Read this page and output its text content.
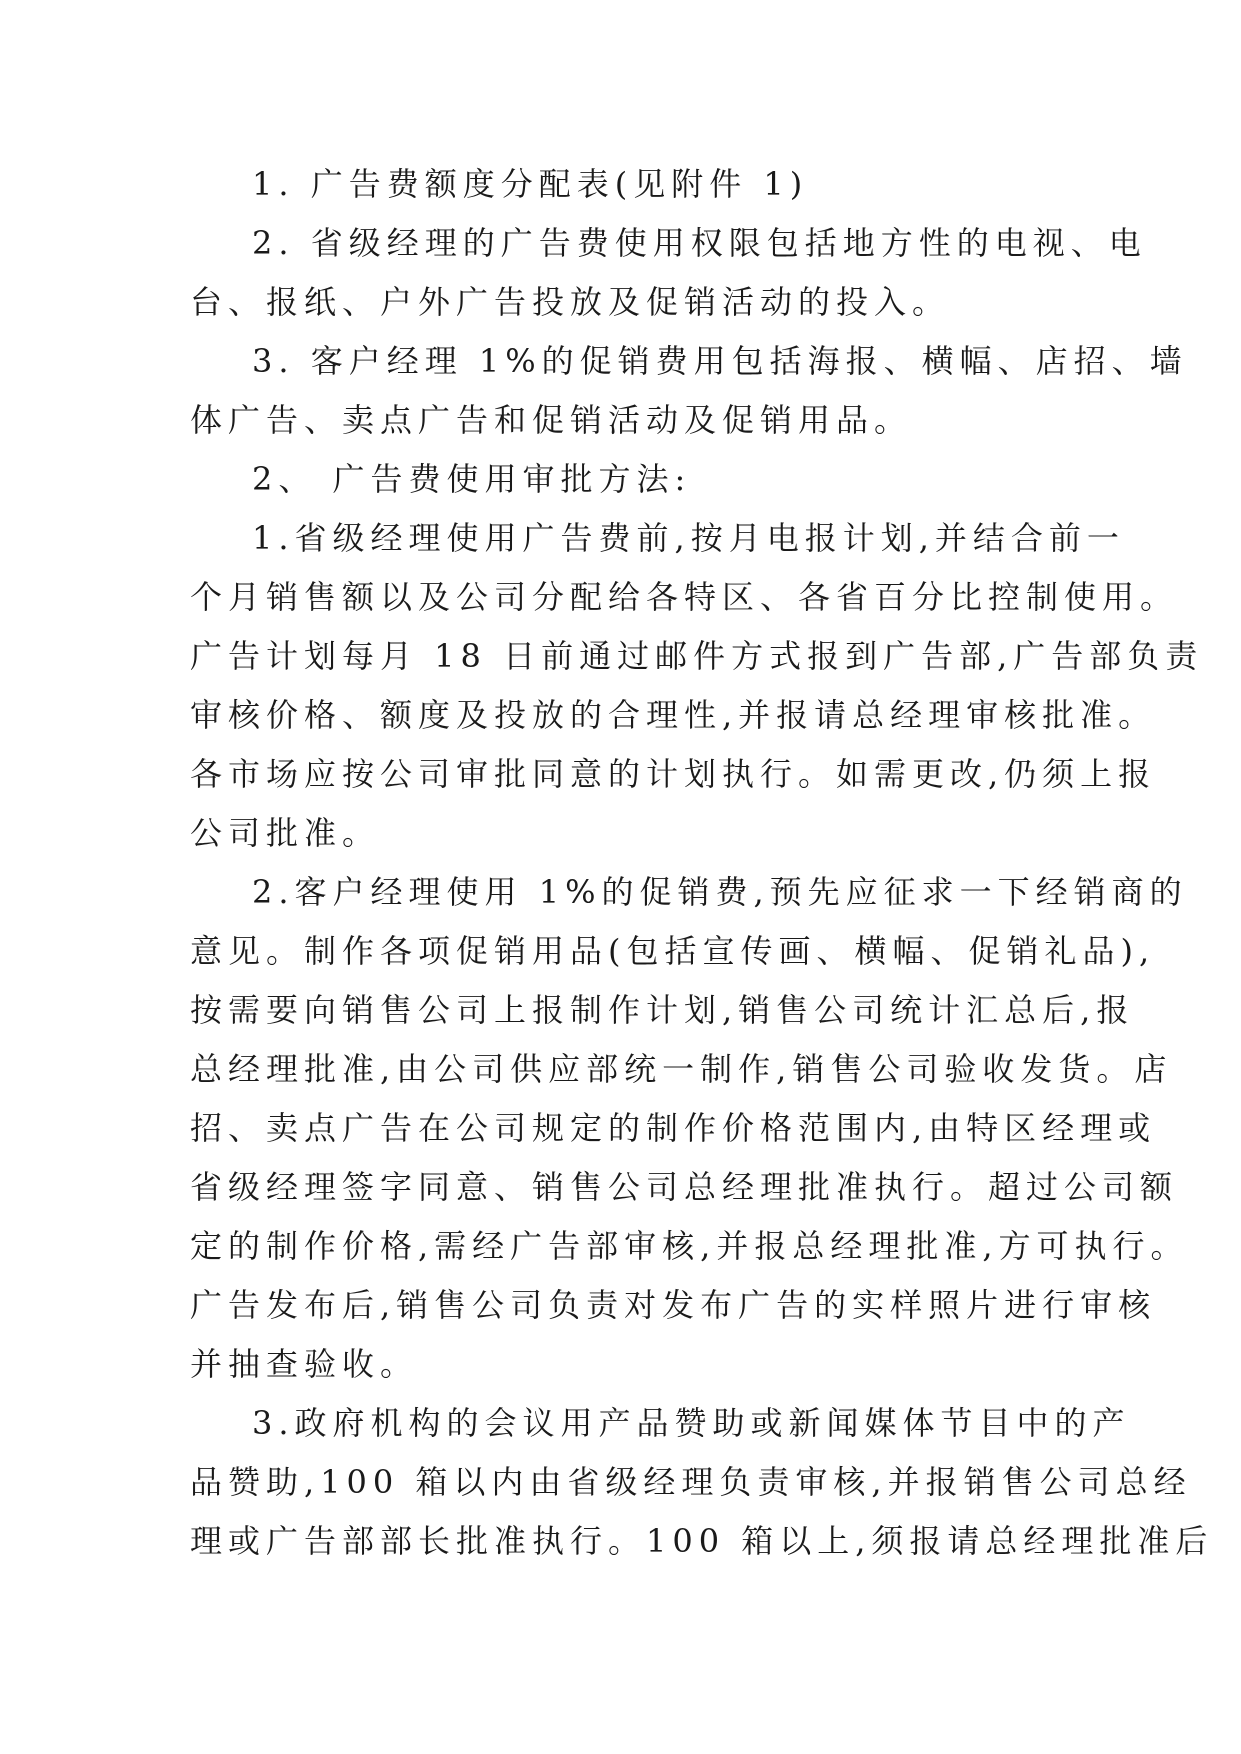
1. 广告费额度分配表(见附件 1)
2. 省级经理的广告费使用权限包括地方性的电视、电
台、报纸、户外广告投放及促销活动的投入。
3. 客户经理 1%的促销费用包括海报、横幅、店招、墙
体广告、卖点广告和促销活动及促销用品。
2、 广告费使用审批方法:
1.省级经理使用广告费前,按月电报计划,并结合前一
个月销售额以及公司分配给各特区、各省百分比控制使用。
广告计划每月 18 日前通过邮件方式报到广告部,广告部负责
审核价格、额度及投放的合理性,并报请总经理审核批准。
各市场应按公司审批同意的计划执行。如需更改,仍须上报
公司批准。
2.客户经理使用 1%的促销费,预先应征求一下经销商的
意见。制作各项促销用品(包括宣传画、横幅、促销礼品),
按需要向销售公司上报制作计划,销售公司统计汇总后,报
总经理批准,由公司供应部统一制作,销售公司验收发货。店
招、卖点广告在公司规定的制作价格范围内,由特区经理或
省级经理签字同意、销售公司总经理批准执行。超过公司额
定的制作价格,需经广告部审核,并报总经理批准,方可执行。
广告发布后,销售公司负责对发布广告的实样照片进行审核
并抽查验收。
3.政府机构的会议用产品赞助或新闻媒体节目中的产
品赞助,100 箱以内由省级经理负责审核,并报销售公司总经
理或广告部部长批准执行。100 箱以上,须报请总经理批准后
